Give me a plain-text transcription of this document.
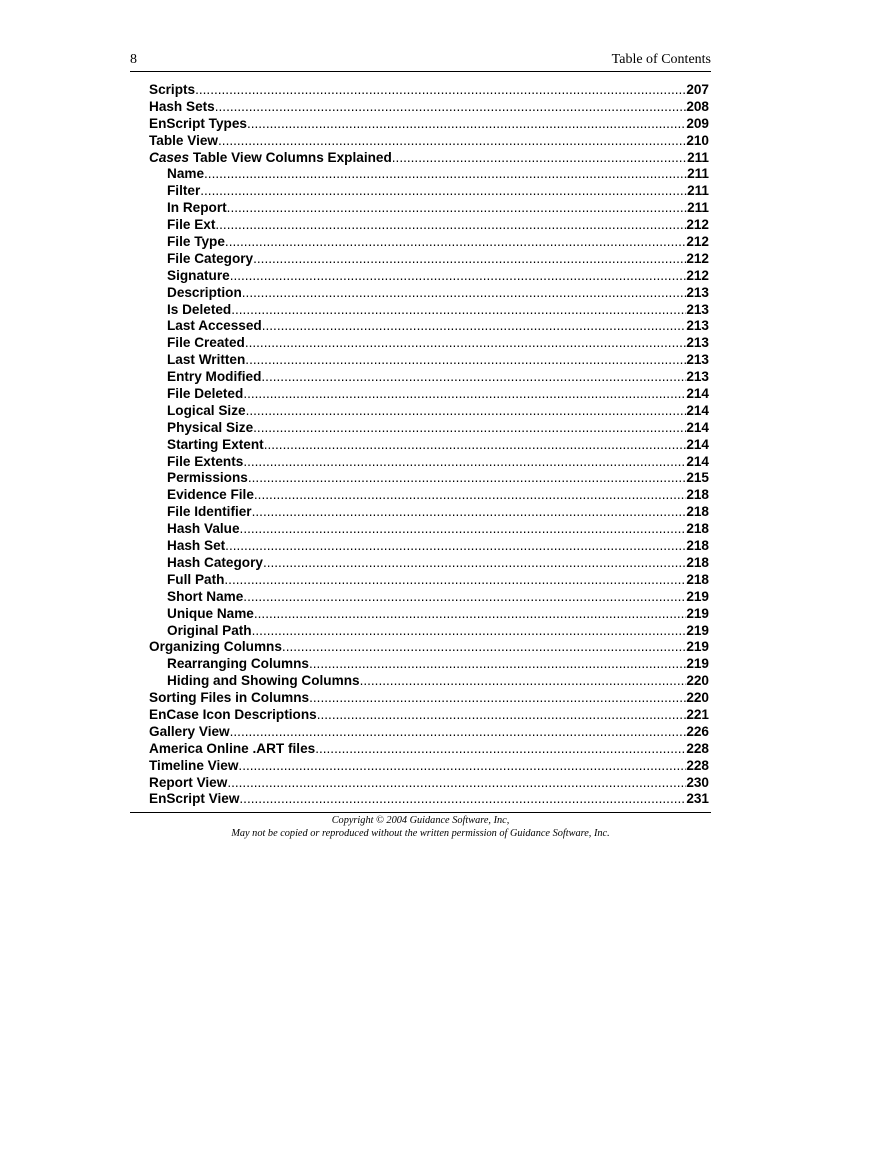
8	Table of Contents
Scripts .....	207
Hash Sets .....	208
EnScript Types .....	209
Table View .....	210
Cases Table View Columns Explained .....	211
Name .....	211
Filter .....	211
In Report .....	211
File Ext .....	212
File Type .....	212
File Category .....	212
Signature .....	212
Description .....	213
Is Deleted .....	213
Last Accessed .....	213
File Created .....	213
Last Written .....	213
Entry Modified .....	213
File Deleted .....	214
Logical Size .....	214
Physical Size .....	214
Starting Extent .....	214
File Extents .....	214
Permissions .....	215
Evidence File .....	218
File Identifier .....	218
Hash Value .....	218
Hash Set .....	218
Hash Category .....	218
Full Path .....	218
Short Name .....	219
Unique Name .....	219
Original Path .....	219
Organizing Columns .....	219
Rearranging Columns .....	219
Hiding and Showing Columns .....	220
Sorting Files in Columns .....	220
EnCase Icon Descriptions .....	221
Gallery View .....	226
America Online .ART files .....	228
Timeline View .....	228
Report View .....	230
EnScript View .....	231
Copyright © 2004 Guidance Software, Inc,
May not be copied or reproduced without the written permission of Guidance Software, Inc.
